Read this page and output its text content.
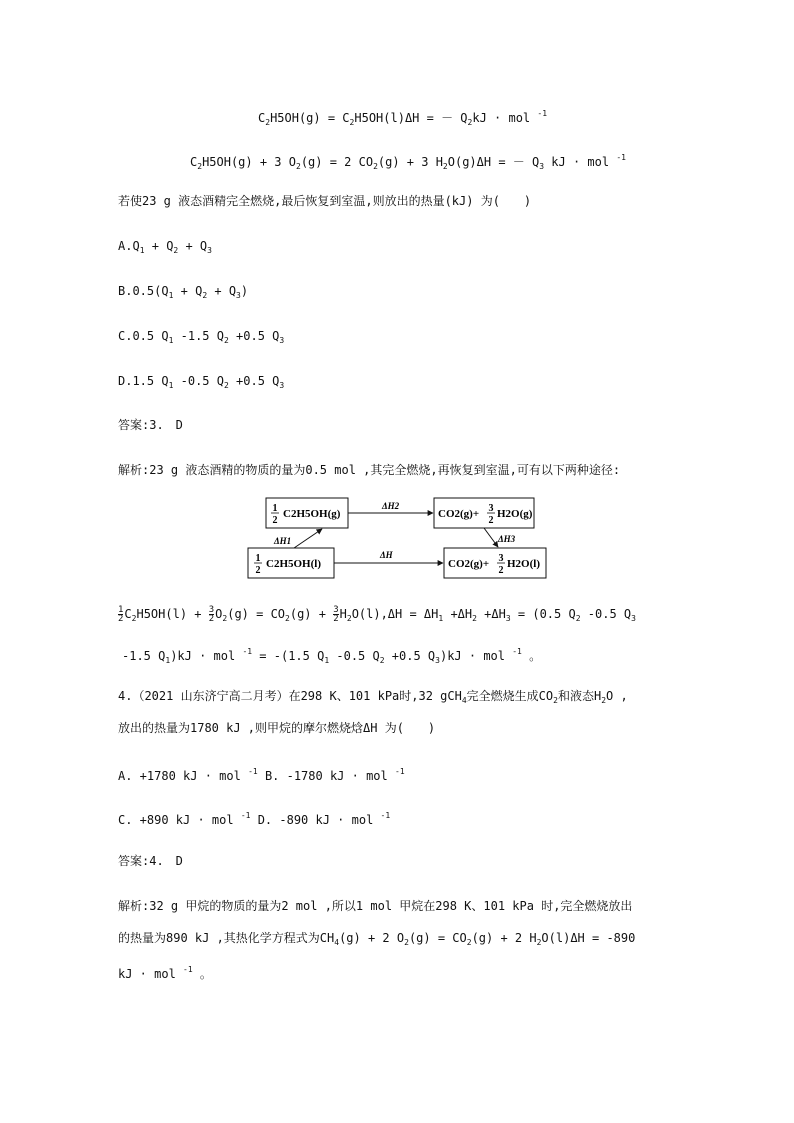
$C_2H5OH(g) = C_2H5OH(l)\Delta H$ = － $Q_2kJ$ · mol $^{-1}$
$C_2H5OH(g) + 3$ $O_2(g) = 2$ $CO_2(g) + 3$ $H_2O(g)\Delta H$ = － $Q_3$ kJ · mol $^{-1}$
若使23 g 液态酒精完全燃烧,最后恢复到室温,则放出的热量(kJ) 为(　　)
$A.Q_1 + Q_2 + Q_3$
$B.0.5(Q_1 + Q_2 + Q_3)$
C.0.5 $Q_1$ -1.5 $Q_2 +0.5$ $Q_3$
D.1.5 $Q_1$ -0.5 $Q_2 +0.5$ $Q_3$
答案:3.　D
解析:23 g 液态酒精的物质的量为0.5 mol ,其完全燃烧,再恢复到室温,可有以下两种途径:
1
2
C2H5OH(g)	CO2(g)+ 3
2
H2O(g)
1
2
C2H5OH(l)	CO2(g)+ 3
2
H2O(l)
ΔH1
ΔH2
ΔH3
ΔH
$\frac{1}{2} C_2H5OH(l) + \frac{3}{2} O_2(g) = CO_2(g) + \frac{3}{2} H_2O(l),\Delta H = \Delta H_1 +\Delta H_2 +\Delta H_3 = (0.5$ $Q_2$ -0.5 $Q_3$
-1.5 $Q_1)kJ$ · mol $^{-1}$ = -(1.5 $Q_1$ -0.5 $Q_2 +0.5$ $Q_3)kJ$ · mol $^{-1}$ 。
4.（2021 山东济宁高二月考）在298 K、101 kPa时,32 gCH$_4$完全燃烧生成$CO_2$和液态$H_2O$ ,
放出的热量为1780 kJ ,则甲烷的摩尔燃烧焓ΔH 为(　　)
A. +1780 kJ · mol $^{-1}$ B. -1780 kJ · mol $^{-1}$
C. +890 kJ · mol $^{-1}$ D. -890 kJ · mol $^{-1}$
答案:4.　D
解析:32 g 甲烷的物质的量为2 mol ,所以1 mol 甲烷在298 K、101 kPa 时,完全燃烧放出
的热量为890 kJ ,其热化学方程式为$CH_4(g) + 2$ $O_2(g) = CO_2(g) + 2$ $H_2O(l)\Delta H = -890$
kJ · mol $^{-1}$ 。
